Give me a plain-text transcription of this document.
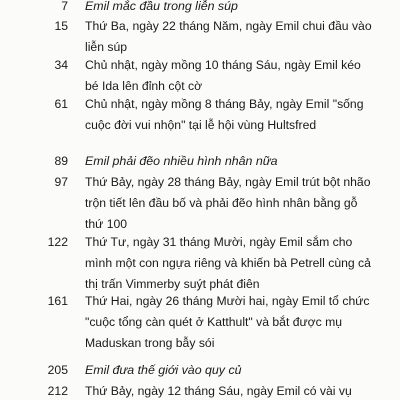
7 Emil mắc đầu trong liễn súp
15 Thứ Ba, ngày 22 tháng Năm, ngày Emil chui đầu vào
liễn súp
34 Chủ nhật, ngày mồng 10 tháng Sáu, ngày Emil kéo
bé Ida lên đỉnh cột cờ
61 Chủ nhật, ngày mồng 8 tháng Bảy, ngày Emil "sống
cuộc đời vui nhộn" tại lễ hội vùng Hultsfred
89 Emil phải đẽo nhiều hình nhân nữa
97 Thứ Bảy, ngày 28 tháng Bảy, ngày Emil trút bột nhão
trộn tiết lên đầu bố và phải đẽo hình nhân bằng gỗ
thứ 100
122 Thứ Tư, ngày 31 tháng Mười, ngày Emil sắm cho
mình một con ngựa riêng và khiến bà Petrell cùng cả
thị trấn Vimmerby suýt phát điên
161 Thứ Hai, ngày 26 tháng Mười hai, ngày Emil tổ chức
"cuộc tổng càn quét ở Katthult" và bắt được mụ
Maduskan trong bẫy sói
205 Emil đưa thế giới vào quy củ
212 Thứ Bảy, ngày 12 tháng Sáu, ngày Emil có vài vụ
